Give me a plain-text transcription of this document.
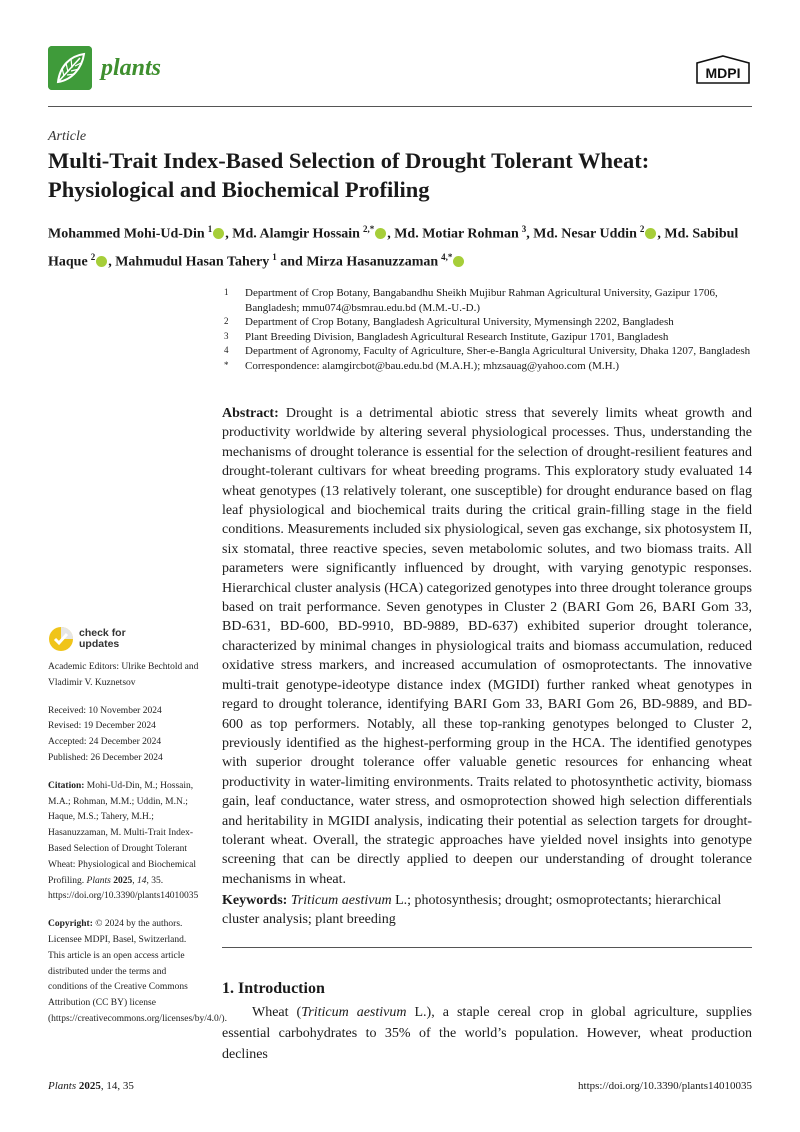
plants	MDPI
Article
Multi-Trait Index-Based Selection of Drought Tolerant Wheat: Physiological and Biochemical Profiling
Mohammed Mohi-Ud-Din $^1$ , Md. Alamgir Hossain $^{2,*}$ , Md. Motiar Rohman $^3$, Md. Nesar Uddin $^2$ , Md. Sabibul Haque $^2$ , Mahmudul Hasan Tahery $^1$ and Mirza Hasanuzzaman $^{4,*}$
1	Department of Crop Botany, Bangabandhu Sheikh Mujibur Rahman Agricultural University, Gazipur 1706, Bangladesh; mmu074@bsmrau.edu.bd (M.M.-U.-D.)
2	Department of Crop Botany, Bangladesh Agricultural University, Mymensingh 2202, Bangladesh
3	Plant Breeding Division, Bangladesh Agricultural Research Institute, Gazipur 1701, Bangladesh
4	Department of Agronomy, Faculty of Agriculture, Sher-e-Bangla Agricultural University, Dhaka 1207, Bangladesh
*	Correspondence: alamgircbot@bau.edu.bd (M.A.H.); mhzsauag@yahoo.com (M.H.)
check for
updates

Academic Editors: Ulrike Bechtold and Vladimir V. Kuznetsov

Received: 10 November 2024

Revised: 19 December 2024

Accepted: 24 December 2024

Published: 26 December 2024

Citation: Mohi-Ud-Din, M.; Hossain, M.A.; Rohman, M.M.; Uddin, M.N.; Haque, M.S.; Tahery, M.H.; Hasanuzzaman, M. Multi-Trait Index-Based Selection of Drought Tolerant Wheat: Physiological and Biochemical Profiling. Plants 2025, 14, 35. https://doi.org/10.3390/plants14010035

Copyright: © 2024 by the authors. Licensee MDPI, Basel, Switzerland. This article is an open access article distributed under the terms and conditions of the Creative Commons Attribution (CC BY) license (https://creativecommons.org/licenses/by/4.0/).

Abstract: Drought is a detrimental abiotic stress that severely limits wheat growth and productivity worldwide by altering several physiological processes. Thus, understanding the mechanisms of drought tolerance is essential for the selection of drought-resilient features and drought-tolerant cultivars for wheat breeding programs. This exploratory study evaluated 14 wheat genotypes (13 relatively tolerant, one susceptible) for drought endurance based on flag leaf physiological and biochemical traits during the critical grain-filling stage in the field conditions. Measurements included six physiological, seven gas exchange, six photosystem II, six stomatal, three reactive species, seven metabolomic solutes, and two biomass traits. All parameters were significantly influenced by drought, with varying genotypic responses. Hierarchical cluster analysis (HCA) categorized genotypes into three drought tolerance groups based on trait performance. Seven genotypes in Cluster 2 (BARI Gom 26, BARI Gom 33, BD-631, BD-600, BD-9910, BD-9889, BD-637) exhibited superior drought tolerance, characterized by minimal changes in physiological traits and biomass accumulation, reduced oxidative stress markers, and increased accumulation of osmoprotectants. The innovative multi-trait genotype-ideotype distance index (MGIDI) further ranked wheat genotypes in regard to drought tolerance, identifying BARI Gom 33, BARI Gom 26, BD-9889, and BD-600 as top performers. Notably, all these top-ranking genotypes belonged to Cluster 2, previously identified as the highest-performing group in the HCA. The identified genotypes with superior drought tolerance offer valuable genetic resources for enhancing wheat productivity in water-limiting environments. Traits related to photosynthetic activity, biomass gain, leaf conductance, water stress, and osmoprotection showed high selection differentials and heritability in MGIDI analysis, indicating their potential as selection targets for drought-tolerant wheat. Overall, the strategic approaches have yielded novel insights into genotype screening that can be directly applied to deepen our understanding of drought tolerance mechanisms in wheat.
Keywords: Triticum aestivum L.; photosynthesis; drought; osmoprotectants; hierarchical cluster analysis; plant breeding
1. Introduction
Wheat (Triticum aestivum L.), a staple cereal crop in global agriculture, supplies essential carbohydrates to 35% of the world’s population. However, wheat production declines
Plants 2025, 14, 35	https://doi.org/10.3390/plants14010035
